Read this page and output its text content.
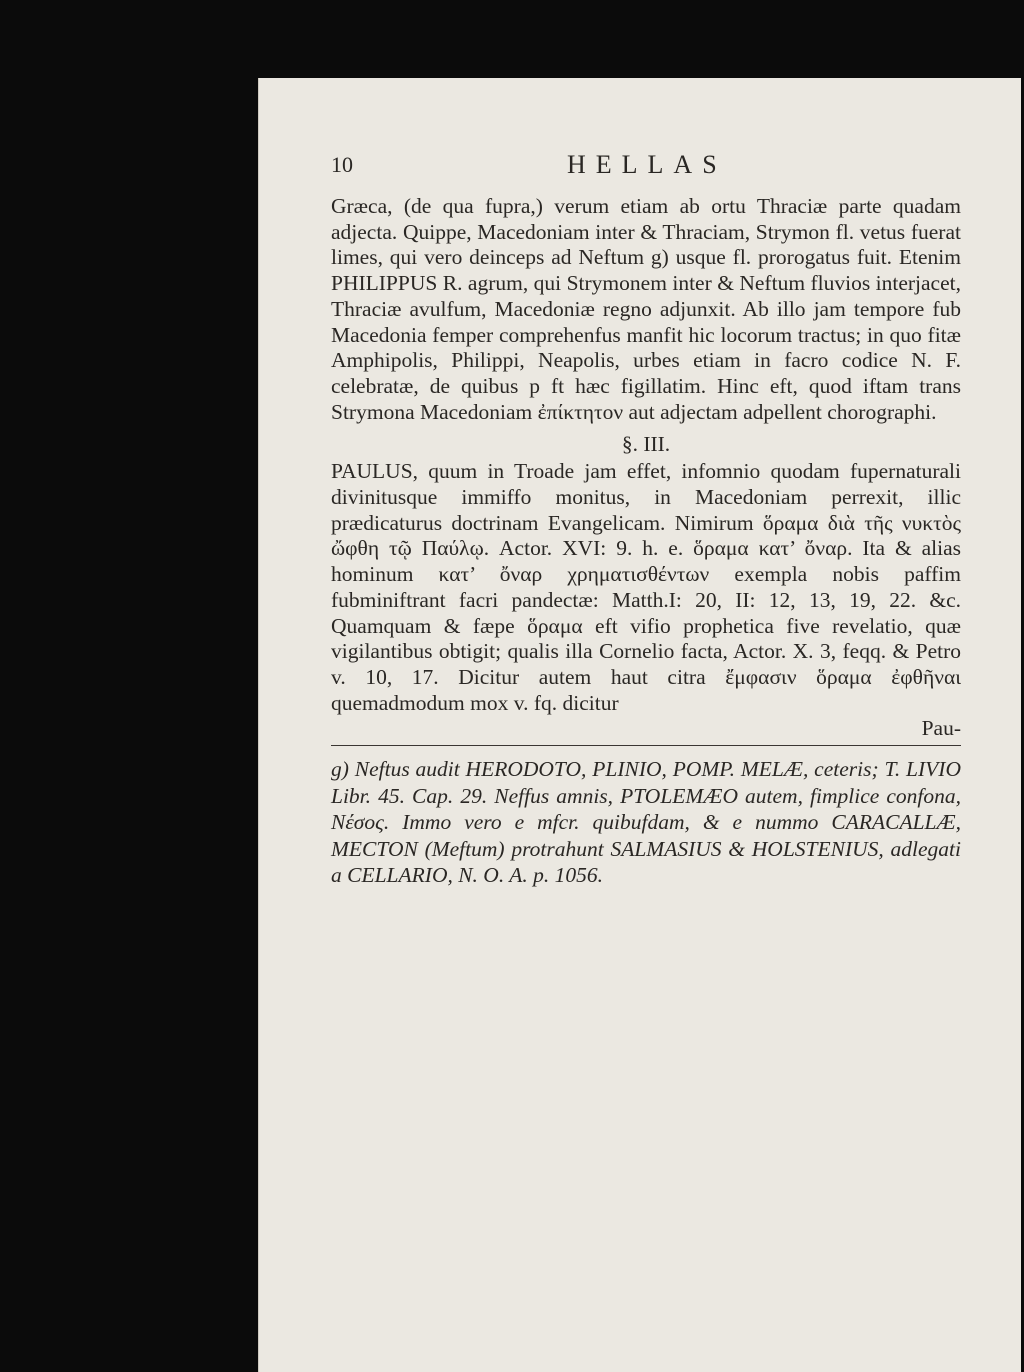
10	HELLAS

Græca, (de qua fupra,) verum etiam ab ortu Thraciæ parte quadam adjecta. Quippe, Macedoniam inter & Thraciam, Strymon fl. vetus fuerat limes, qui vero deinceps ad Neftum g) usque fl. prorogatus fuit. Etenim PHILIPPUS R. agrum, qui Strymonem inter & Neftum fluvios interjacet, Thraciæ avulfum, Macedoniæ regno adjunxit. Ab illo jam tempore fub Macedonia femper comprehenfus manfit hic locorum tractus; in quo fitæ Amphipolis, Philippi, Neapolis, urbes etiam in facro codice N. F. celebratæ, de quibus p ft hæc figillatim. Hinc eft, quod iftam trans Strymona Macedoniam ἐπίκτητον aut adjectam adpellent chorographi.

§. III.

PAULUS, quum in Troade jam effet, infomnio quodam fupernaturali divinitusque immiffo monitus, in Macedoniam perrexit, illic prædicaturus doctrinam Evangelicam. Nimirum ὅραμα διὰ τῆς νυκτὸς ὤφθη τῷ Παύλῳ. Actor. XVI: 9. h. e. ὅραμα κατ’ ὄναρ. Ita & alias hominum κατ’ ὄναρ χρηματισθέντων exempla nobis paffim fubminiftrant facri pandectæ: Matth.I: 20, II: 12, 13, 19, 22. &c. Quamquam & fæpe ὅραμα eft vifio prophetica five revelatio, quæ vigilantibus obtigit; qualis illa Cornelio facta, Actor. X. 3, feqq. & Petro v. 10, 17. Dicitur autem haut citra ἔμφασιν ὅραμα ἐφθῆναι quemadmodum mox v. fq. dicitur

Pau-
g) Neftus audit HERODOTO, PLINIO, POMP. MELÆ, ceteris; T. LIVIO Libr. 45. Cap. 29. Neffus amnis, PTOLEMÆO autem, fimplice confona, Νέσος. Immo vero e mfcr. quibufdam, & e nummo CARACALLÆ, MECTON (Meftum) protrahunt SALMASIUS & HOLSTENIUS, adlegati a CELLARIO, N. O. A. p. 1056.
